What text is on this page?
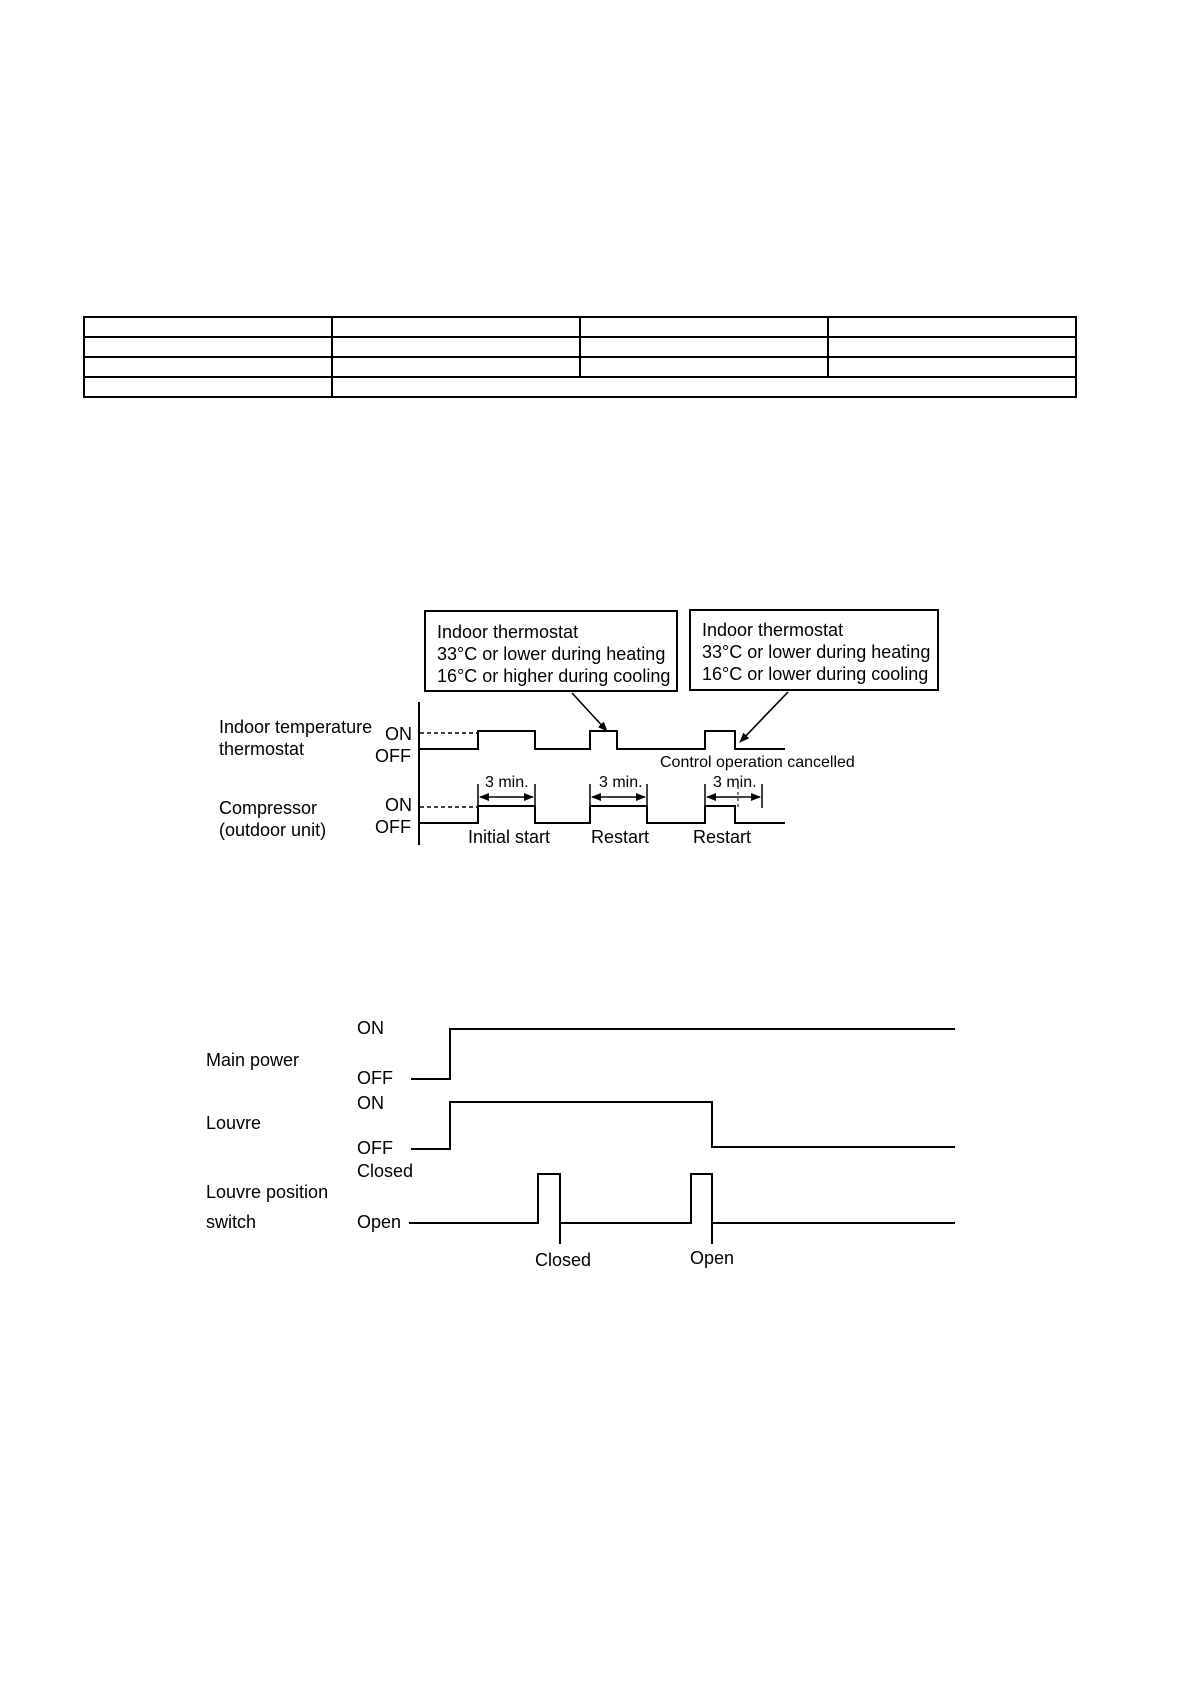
Indoor thermostat
33°C or lower during heating
16°C or higher during cooling
Indoor thermostat
33°C or lower during heating
16°C or lower during cooling
Indoor temperature
thermostat
ON
OFF
Compressor
(outdoor unit)
ON
OFF
Control operation cancelled
3 min.	3 min.	3 min.
Initial start Restart Restart
Main power
ON
OFF
Louvre
ON
OFF
Louvre position
switch
Closed
Open
Closed	Open
